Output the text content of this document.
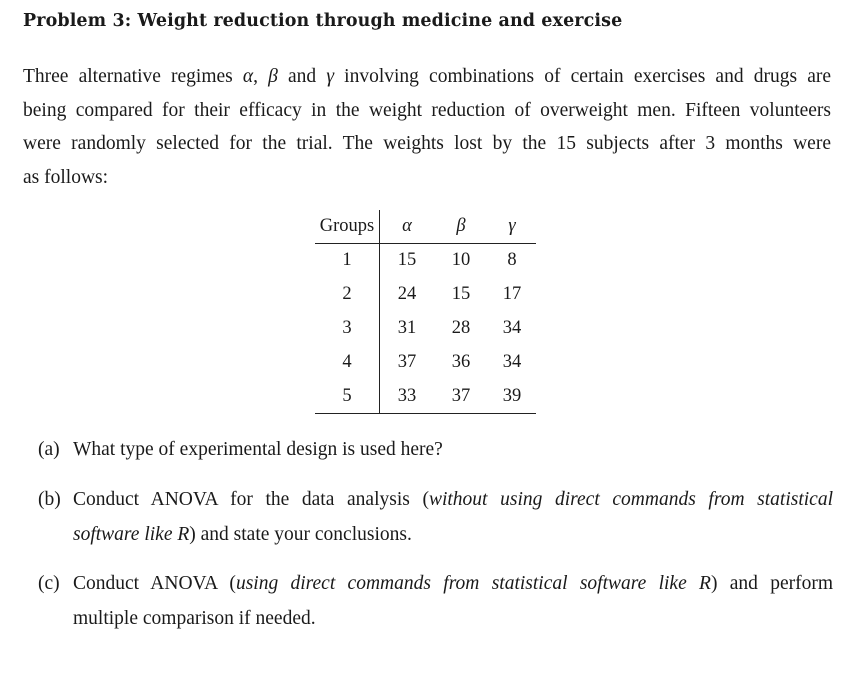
Problem 3: Weight reduction through medicine and exercise
Three alternative regimes α, β and γ involving combinations of certain exercises and drugs are
being compared for their efficacy in the weight reduction of overweight men. Fifteen volunteers
were randomly selected for the trial. The weights lost by the 15 subjects after 3 months were
as follows:
Groups	α	β	γ
1	15	10	8
2	24	15	17
3	31	28	34
4	37	36	34
5	33	37	39
(a) What type of experimental design is used here?
(b) Conduct ANOVA for the data analysis (without using direct commands from statistical
software like R) and state your conclusions.
(c) Conduct ANOVA (using direct commands from statistical software like R) and perform
multiple comparison if needed.
